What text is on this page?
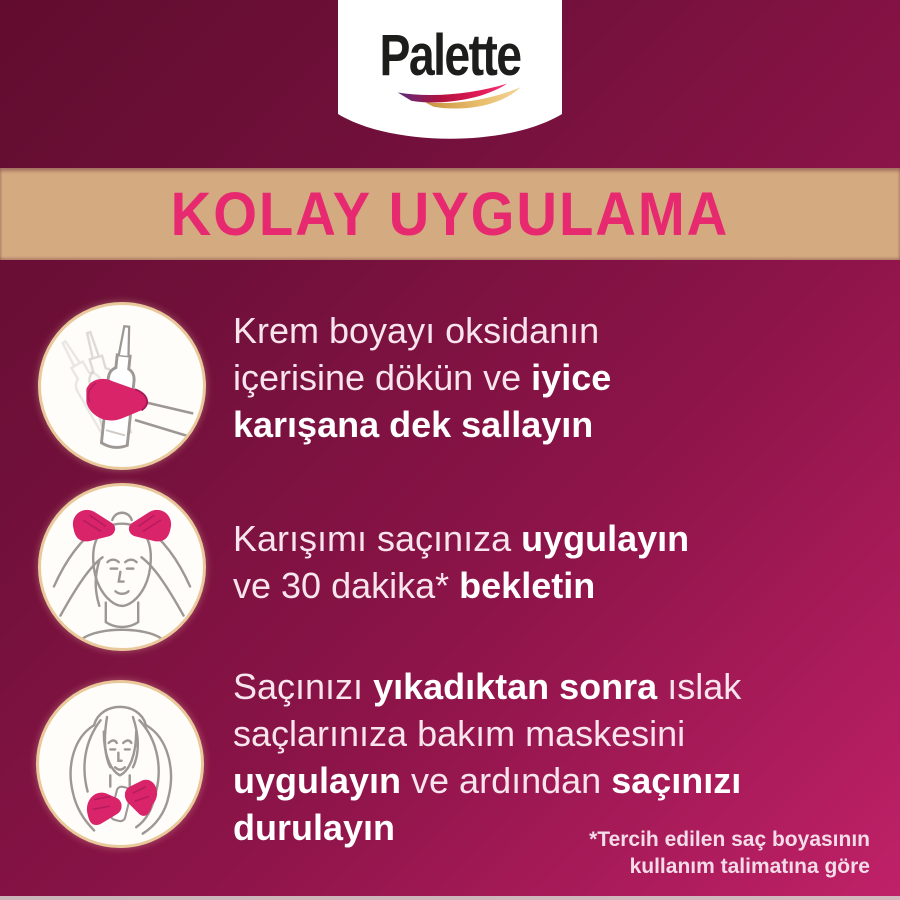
Palette
KOLAY UYGULAMA
Krem boyayı oksidanın
içerisine dökün ve iyice
karışana dek sallayın
Karışımı saçınıza uygulayın
ve 30 dakika* bekletin
Saçınızı yıkadıktan sonra ıslak
saçlarınıza bakım maskesini
uygulayın ve ardından saçınızı
durulayın	*Tercih edilen saç boyasının
kullanım talimatına göre
